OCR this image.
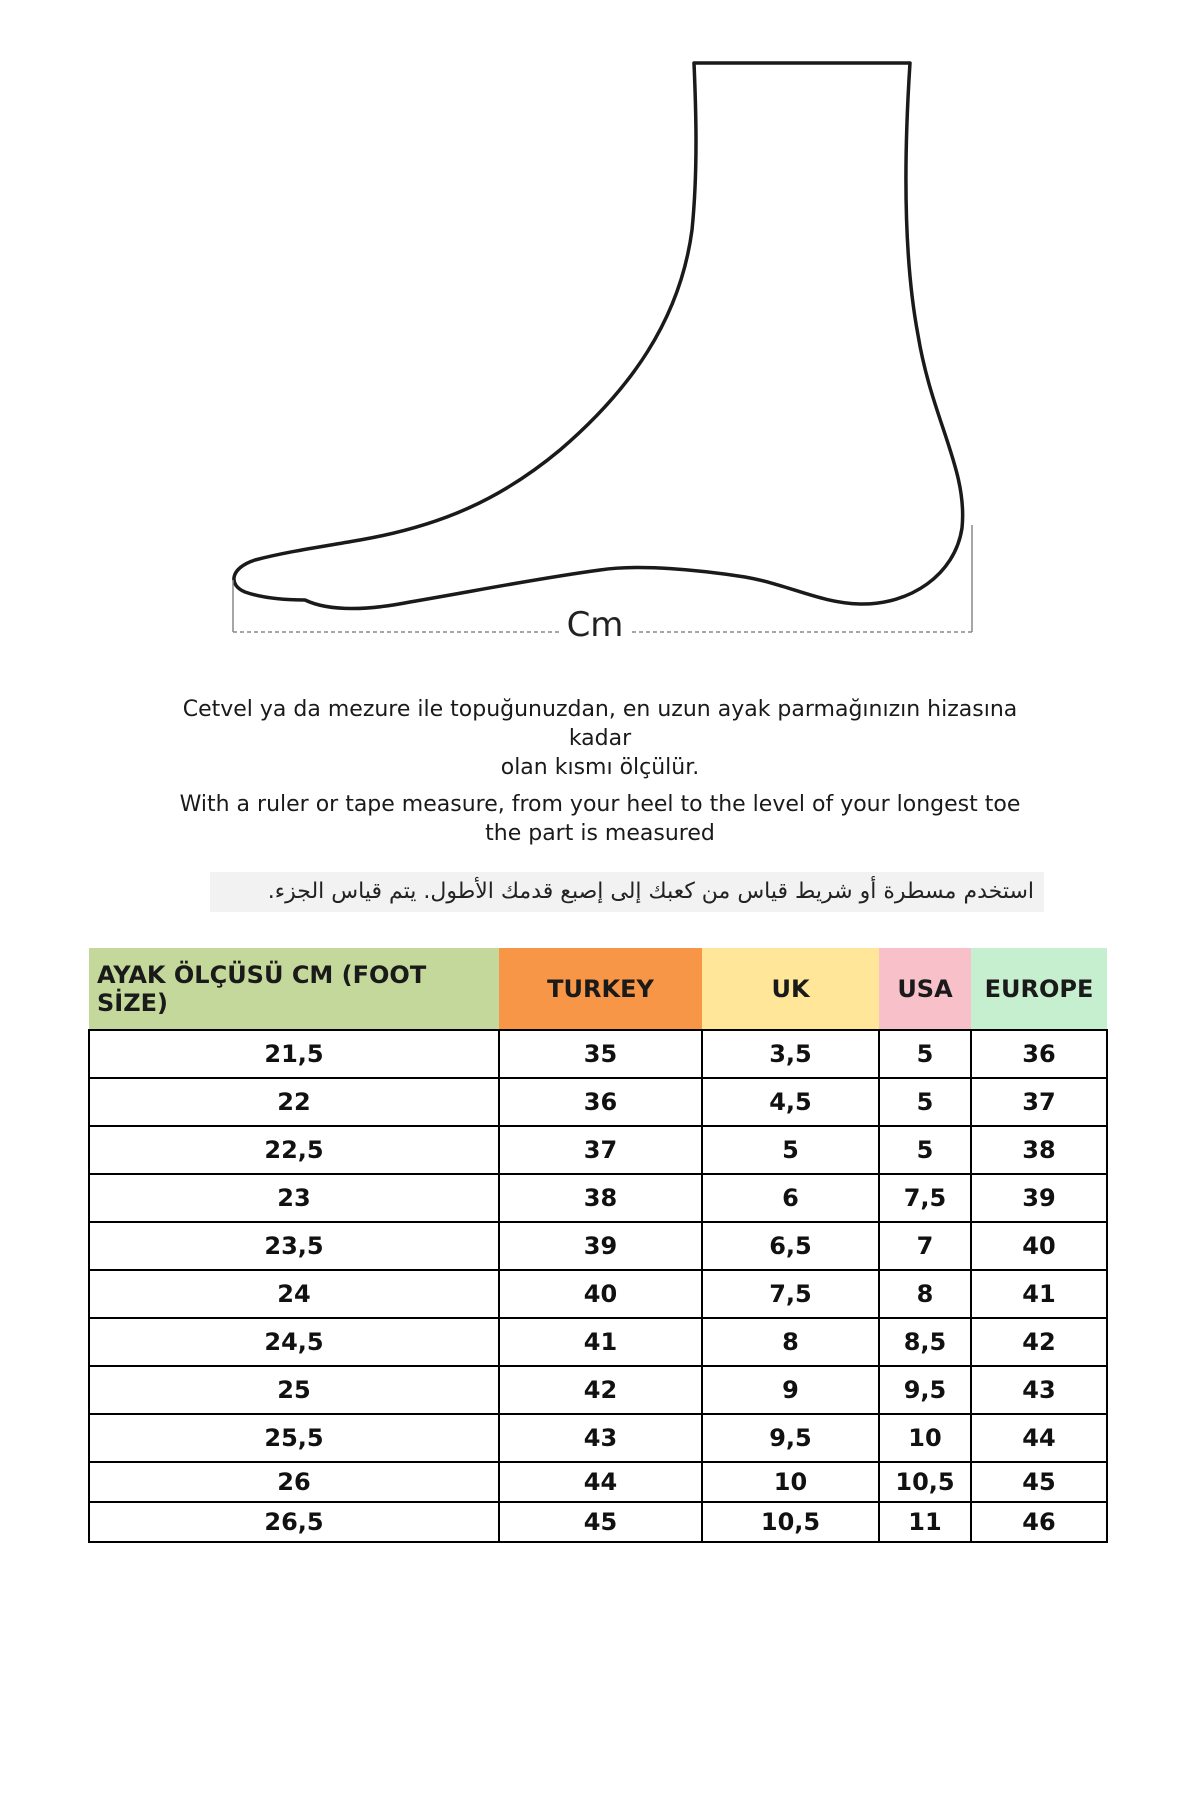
Cm
Cetvel ya da mezure ile topuğunuzdan, en uzun ayak parmağınızın hizasına kadar
olan kısmı ölçülür.
With a ruler or tape measure, from your heel to the level of your longest toe
the part is measured
استخدم مسطرة أو شريط قياس من كعبك إلى إصبع قدمك الأطول. يتم قياس الجزء.
AYAK ÖLÇÜSÜ CM (FOOT SİZE)	TURKEY	UK	USA	EUROPE
21,5	35	3,5	5	36
22	36	4,5	5	37
22,5	37	5	5	38
23	38	6	7,5	39
23,5	39	6,5	7	40
24	40	7,5	8	41
24,5	41	8	8,5	42
25	42	9	9,5	43
25,5	43	9,5	10	44
26	44	10	10,5	45
26,5	45	10,5	11	46
